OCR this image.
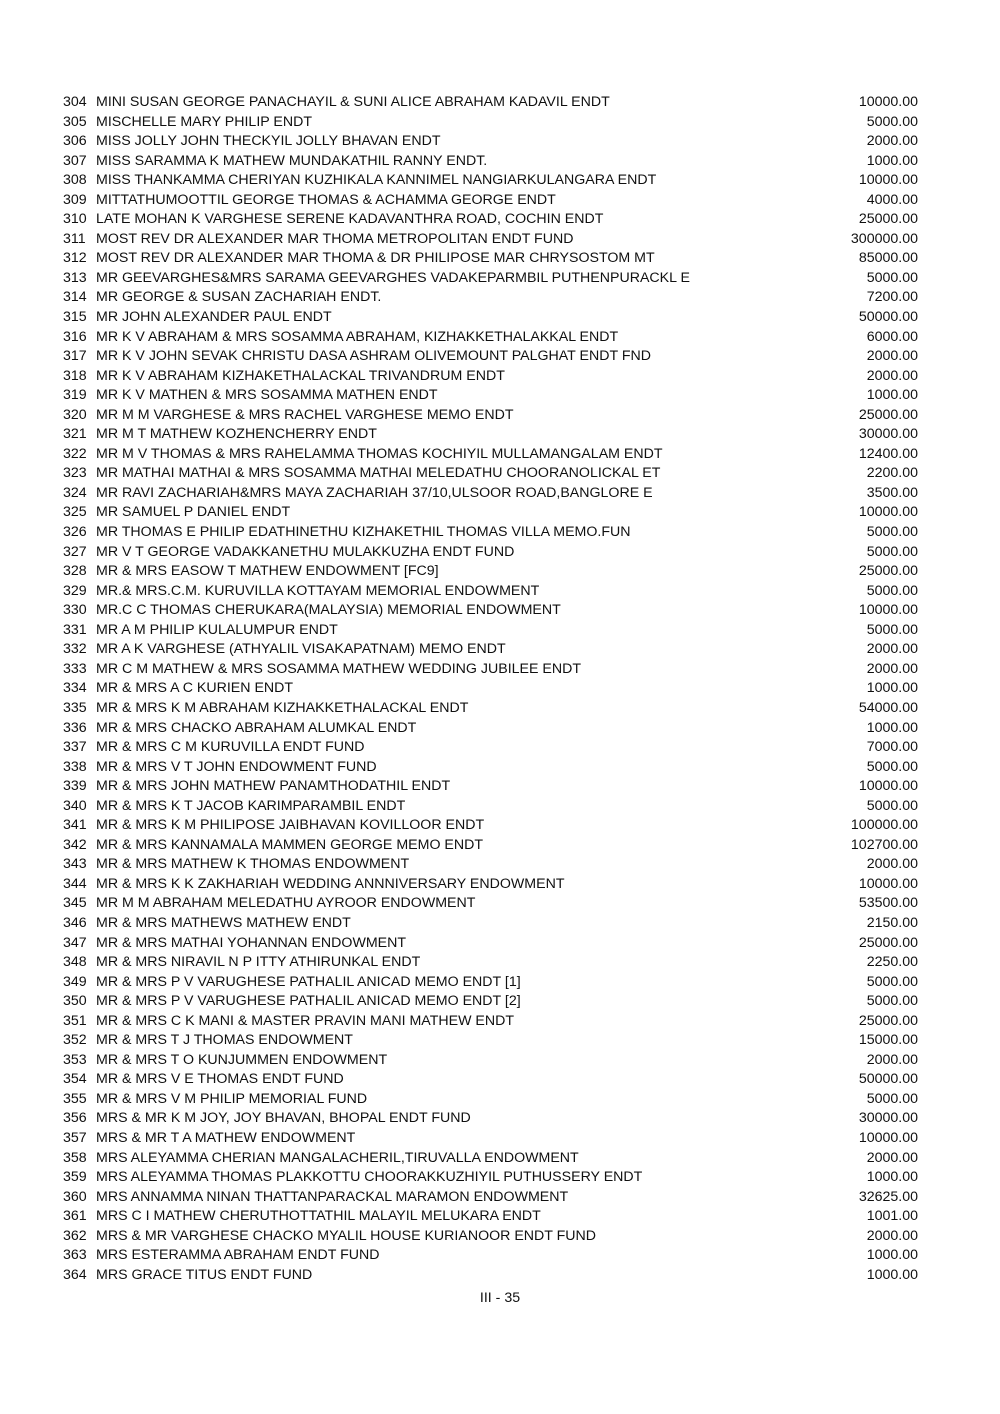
304 MINI SUSAN GEORGE PANACHAYIL & SUNI ALICE ABRAHAM KADAVIL ENDT	10000.00
305 MISCHELLE MARY PHILIP ENDT	5000.00
306 MISS JOLLY JOHN THECKYIL JOLLY BHAVAN ENDT	2000.00
307 MISS SARAMMA K MATHEW MUNDAKATHIL RANNY ENDT.	1000.00
308 MISS THANKAMMA CHERIYAN KUZHIKALA KANNIMEL NANGIARKULANGARA ENDT	10000.00
309 MITTATHUMOOTTIL GEORGE THOMAS & ACHAMMA GEORGE ENDT	4000.00
310 LATE MOHAN K VARGHESE SERENE KADAVANTHRA ROAD, COCHIN ENDT	25000.00
311 MOST REV DR ALEXANDER MAR THOMA METROPOLITAN ENDT FUND	300000.00
312 MOST REV DR ALEXANDER MAR THOMA & DR PHILIPOSE MAR CHRYSOSTOM MT	85000.00
313 MR GEEVARGHES&MRS SARAMA GEEVARGHES VADAKEPARMBIL PUTHENPURACKL E	5000.00
314 MR GEORGE & SUSAN ZACHARIAH ENDT.	7200.00
315 MR JOHN ALEXANDER PAUL ENDT	50000.00
316 MR K V ABRAHAM & MRS SOSAMMA ABRAHAM, KIZHAKKETHALAKKAL ENDT	6000.00
317 MR K V JOHN SEVAK CHRISTU DASA ASHRAM OLIVEMOUNT PALGHAT ENDT FND	2000.00
318 MR K V ABRAHAM KIZHAKETHALACKAL TRIVANDRUM ENDT	2000.00
319 MR K V MATHEN & MRS SOSAMMA MATHEN ENDT	1000.00
320 MR M M VARGHESE & MRS RACHEL VARGHESE MEMO ENDT	25000.00
321 MR M T MATHEW KOZHENCHERRY ENDT	30000.00
322 MR M V THOMAS & MRS RAHELAMMA THOMAS KOCHIYIL MULLAMANGALAM ENDT	12400.00
323 MR MATHAI MATHAI & MRS SOSAMMA MATHAI MELEDATHU CHOORANOLICKAL ET	2200.00
324 MR RAVI ZACHARIAH&MRS MAYA ZACHARIAH 37/10,ULSOOR ROAD,BANGLORE E	3500.00
325 MR SAMUEL P DANIEL ENDT	10000.00
326 MR THOMAS E PHILIP EDATHINETHU KIZHAKETHIL THOMAS VILLA MEMO.FUN	5000.00
327 MR V T GEORGE VADAKKANETHU MULAKKUZHA ENDT FUND	5000.00
328 MR & MRS EASOW T MATHEW ENDOWMENT [FC9]	25000.00
329 MR.& MRS.C.M. KURUVILLA KOTTAYAM MEMORIAL ENDOWMENT	5000.00
330 MR.C C THOMAS CHERUKARA(MALAYSIA) MEMORIAL ENDOWMENT	10000.00
331 MR A M PHILIP KULALUMPUR ENDT	5000.00
332 MR A K VARGHESE (ATHYALIL VISAKAPATNAM) MEMO ENDT	2000.00
333 MR C M MATHEW & MRS SOSAMMA MATHEW WEDDING JUBILEE ENDT	2000.00
334 MR & MRS A C KURIEN ENDT	1000.00
335 MR & MRS K M ABRAHAM KIZHAKKETHALACKAL ENDT	54000.00
336 MR & MRS CHACKO ABRAHAM ALUMKAL ENDT	1000.00
337 MR & MRS C M KURUVILLA ENDT FUND	7000.00
338 MR & MRS V T JOHN ENDOWMENT FUND	5000.00
339 MR & MRS JOHN MATHEW PANAMTHODATHIL ENDT	10000.00
340 MR & MRS K T JACOB KARIMPARAMBIL ENDT	5000.00
341 MR & MRS K M PHILIPOSE JAIBHAVAN KOVILLOOR ENDT	100000.00
342 MR & MRS KANNAMALA MAMMEN GEORGE MEMO ENDT	102700.00
343 MR & MRS MATHEW K THOMAS ENDOWMENT	2000.00
344 MR & MRS K K ZAKHARIAH WEDDING ANNNIVERSARY ENDOWMENT	10000.00
345 MR M M ABRAHAM MELEDATHU AYROOR ENDOWMENT	53500.00
346 MR & MRS MATHEWS MATHEW ENDT	2150.00
347 MR & MRS MATHAI YOHANNAN ENDOWMENT	25000.00
348 MR & MRS NIRAVIL N P ITTY ATHIRUNKAL ENDT	2250.00
349 MR & MRS P V VARUGHESE PATHALIL ANICAD MEMO ENDT [1]	5000.00
350 MR & MRS P V VARUGHESE PATHALIL ANICAD MEMO ENDT [2]	5000.00
351 MR & MRS C K MANI & MASTER PRAVIN MANI MATHEW ENDT	25000.00
352 MR & MRS T J THOMAS ENDOWMENT	15000.00
353 MR & MRS T O KUNJUMMEN ENDOWMENT	2000.00
354 MR & MRS V E THOMAS ENDT FUND	50000.00
355 MR & MRS V M PHILIP MEMORIAL FUND	5000.00
356 MRS & MR K M JOY, JOY BHAVAN, BHOPAL ENDT FUND	30000.00
357 MRS & MR T A MATHEW ENDOWMENT	10000.00
358 MRS ALEYAMMA CHERIAN MANGALACHERIL,TIRUVALLA ENDOWMENT	2000.00
359 MRS ALEYAMMA THOMAS PLAKKOTTU CHOORAKKUZHIYIL PUTHUSSERY ENDT	1000.00
360 MRS ANNAMMA NINAN THATTANPARACKAL MARAMON ENDOWMENT	32625.00
361 MRS C I MATHEW CHERUTHOTTATHIL MALAYIL MELUKARA ENDT	1001.00
362 MRS & MR VARGHESE CHACKO MYALIL HOUSE KURIANOOR ENDT FUND	2000.00
363 MRS ESTERAMMA ABRAHAM ENDT FUND	1000.00
364 MRS GRACE TITUS ENDT FUND	1000.00
III - 35
